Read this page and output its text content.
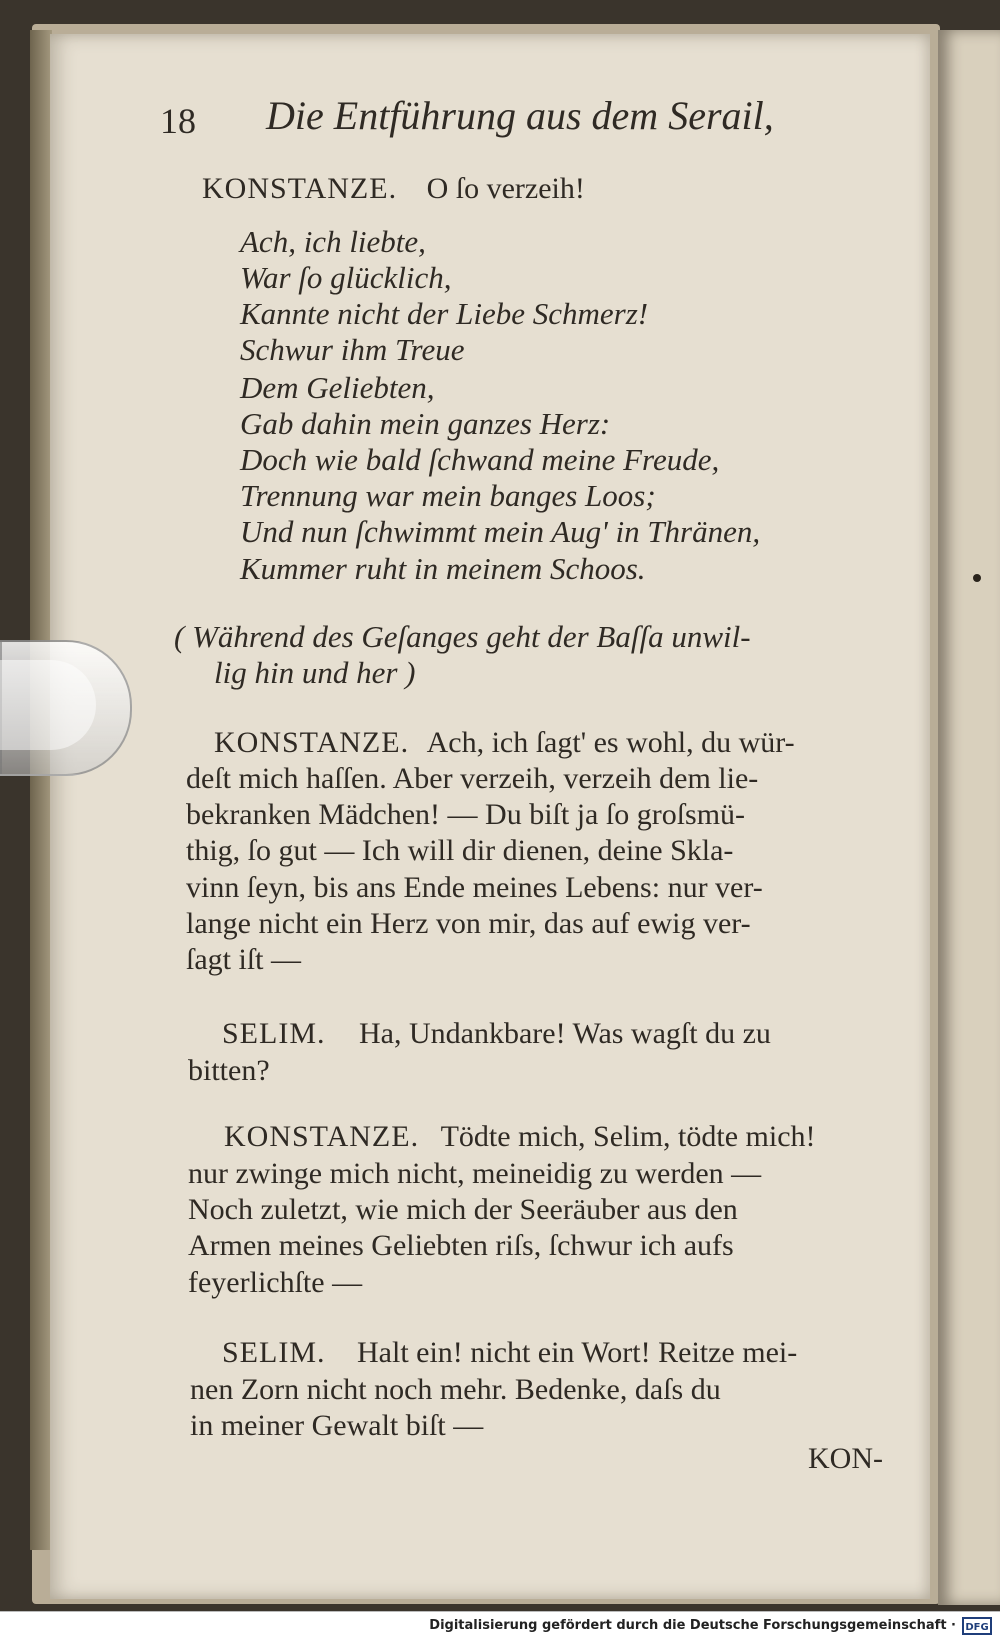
18 Die Entführung aus dem Serail,
KONSTANZE. O ſo verzeih!
Ach, ich liebte,
War ſo glücklich,
Kannte nicht der Liebe Schmerz!
Schwur ihm Treue
Dem Geliebten,
Gab dahin mein ganzes Herz:
Doch wie bald ſchwand meine Freude,
Trennung war mein banges Loos;
Und nun ſchwimmt mein Aug' in Thränen,
Kummer ruht in meinem Schoos.
( Während des Geſanges geht der Baſſa unwil-
lig hin und her )
KONSTANZE. Ach, ich ſagt' es wohl, du wür-
deſt mich haſſen. Aber verzeih, verzeih dem lie-
bekranken Mädchen! — Du biſt ja ſo groſsmü-
thig, ſo gut — Ich will dir dienen, deine Skla-
vinn ſeyn, bis ans Ende meines Lebens: nur ver-
lange nicht ein Herz von mir, das auf ewig ver-
ſagt iſt —
SELIM. Ha, Undankbare! Was wagſt du zu
bitten?
KONSTANZE. Tödte mich, Selim, tödte mich!
nur zwinge mich nicht, meineidig zu werden —
Noch zuletzt, wie mich der Seeräuber aus den
Armen meines Geliebten riſs, ſchwur ich aufs
feyerlichſte —
SELIM. Halt ein! nicht ein Wort! Reitze mei-
nen Zorn nicht noch mehr. Bedenke, daſs du
in meiner Gewalt biſt —
KON-
Digitalisierung gefördert durch die Deutsche Forschungsgemeinschaft · DFG
